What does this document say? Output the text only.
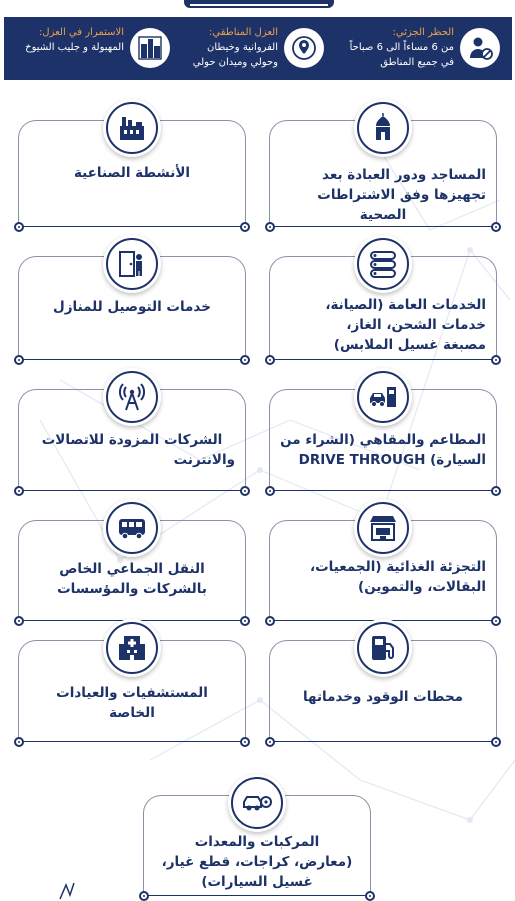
الحظر الجزئي:
من 6 مساءاً الى 6 صباحاً
في جميع المناطق
العزل المناطقي:
الفروانية وخيطان
وحولي وميدان حولي
الاستمرار في العزل:
المهبولة و جليب الشيوخ
المساجد ودور العبادة بعد
تجهيزها وفق الاشتراطات
الصحية
الأنشطة الصناعية
الخدمات العامة (الصيانة،
خدمات الشحن، الغاز،
مصبغة غسيل الملابس)
خدمات التوصيل للمنازل
المطاعم والمقاهي (الشراء من
السيارة) DRIVE THROUGH
الشركات المزودة للاتصالات
والانترنت
التجزئة الغذائية (الجمعيات،
البقالات، والتموين)
النقل الجماعي الخاص
بالشركات والمؤسسات
محطات الوقود وخدماتها
المستشفيات والعيادات
الخاصة
المركبات والمعدات
(معارض، كراجات، قطع غيار،
غسيل السيارات)
